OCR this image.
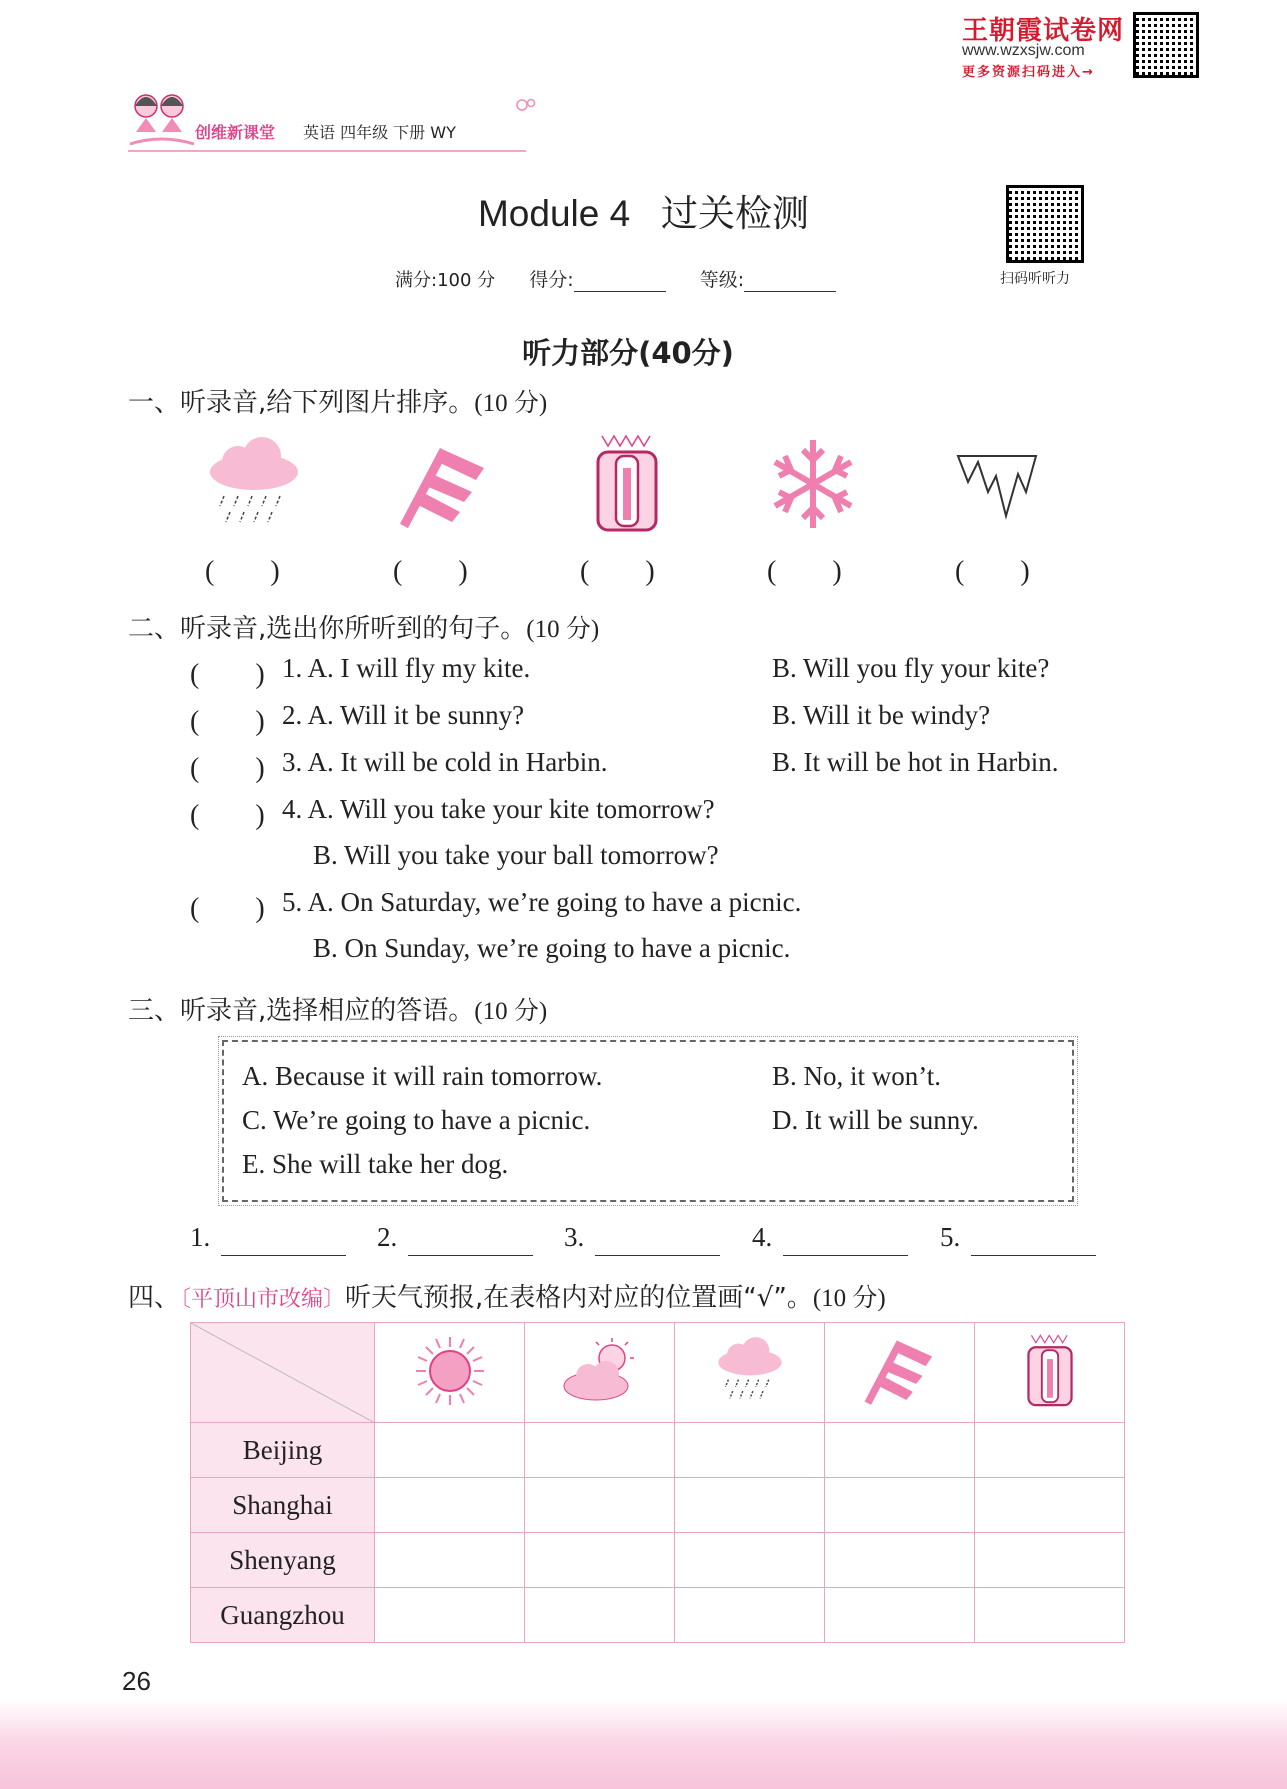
王朝霞试卷网
www.wzxsjw.com
更多资源扫码进入→
创维新课堂 英语 四年级 下册 WY
Module 4   过关检测
扫码听听力
满分:100 分 得分:	等级:
听力部分(40分)
一、听录音,给下列图片排序。(10 分)
(　　)	(　　)	(　　)	(　　)	(　　)
二、听录音,选出你所听到的句子。(10 分)
(　　) 1. A. I will fly my kite.	B. Will you fly your kite?
(　　) 2. A. Will it be sunny?	B. Will it be windy?
(　　) 3. A. It will be cold in Harbin.	B. It will be hot in Harbin.
(　　) 4. A. Will you take your kite tomorrow?
B. Will you take your ball tomorrow?
(　　) 5. A. On Saturday, we’re going to have a picnic.
B. On Sunday, we’re going to have a picnic.
三、听录音,选择相应的答语。(10 分)
A. Because it will rain tomorrow.	B. No, it won’t.
C. We’re going to have a picnic.	D. It will be sunny.
E. She will take her dog.
1.	2.	3.	4.	5.
四、〔平顶山市改编〕听天气预报,在表格内对应的位置画“√”。(10 分)

Beijing					
Shanghai					
Shenyang					
Guangzhou					
26
